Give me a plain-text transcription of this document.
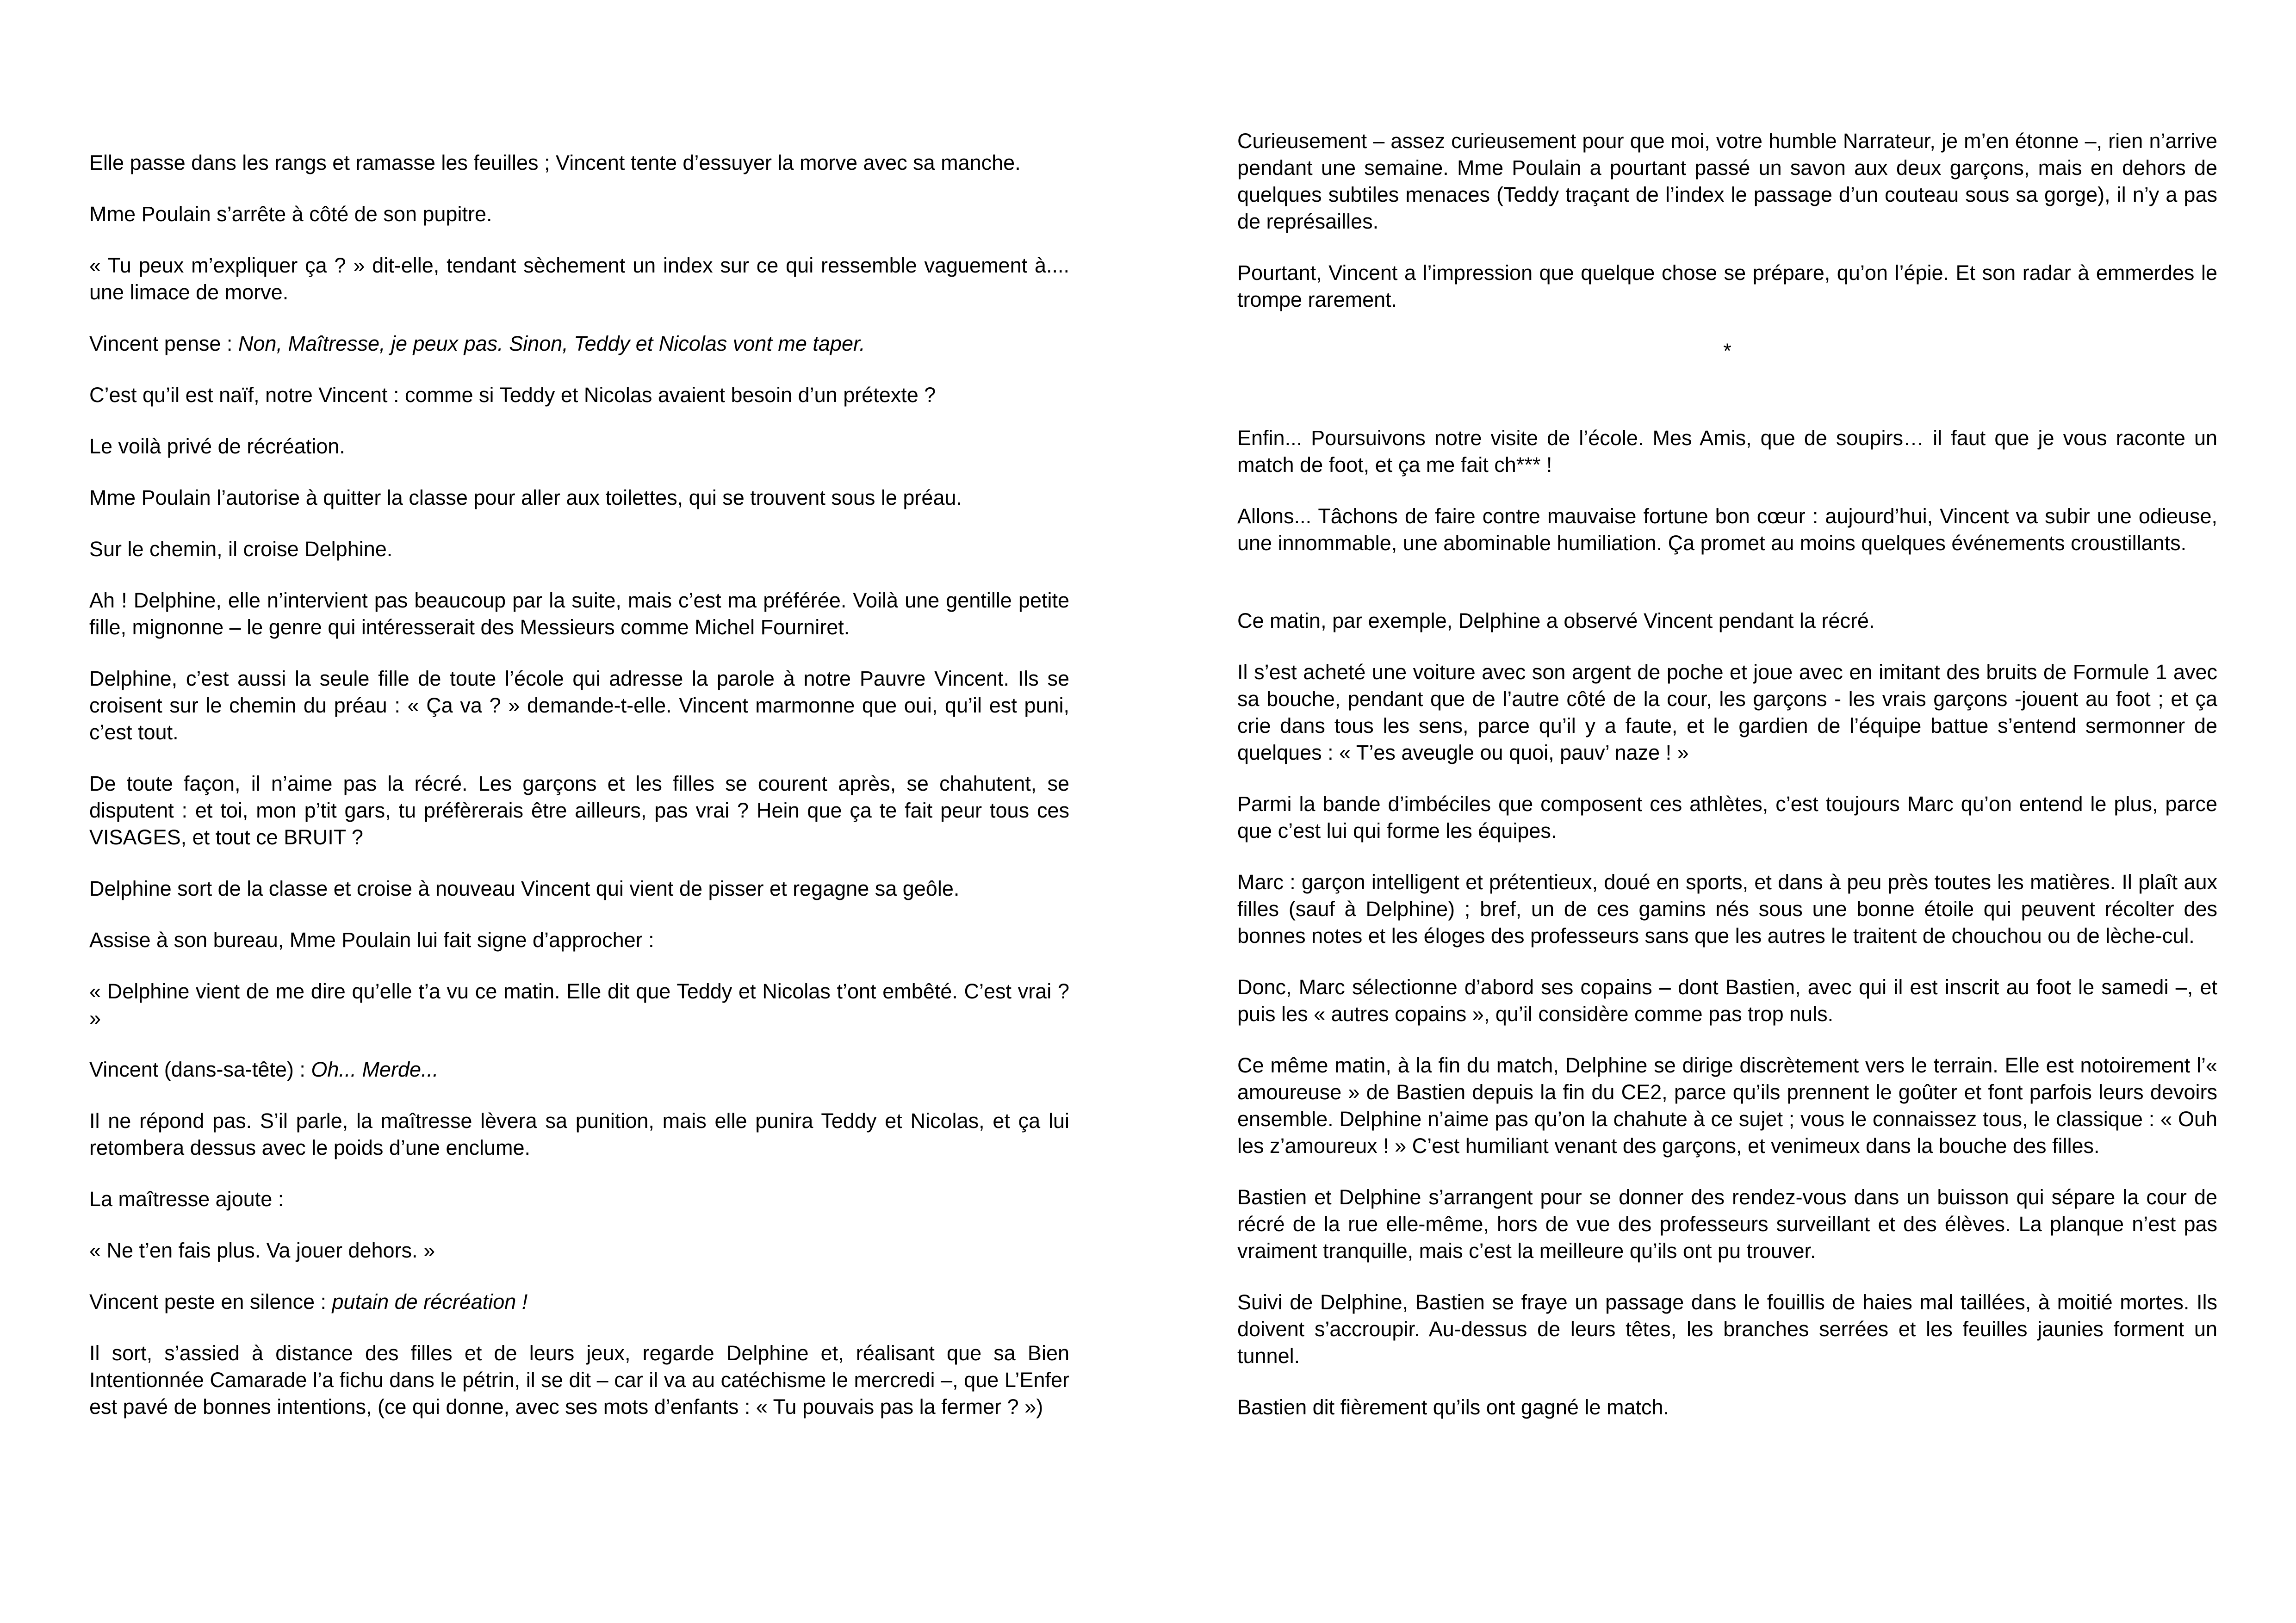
Elle passe dans les rangs et ramasse les feuilles ; Vincent tente d’essuyer la morve avec sa manche.

Mme Poulain s’arrête à côté de son pupitre.

« Tu peux m’expliquer ça ? » dit-elle, tendant sèchement un index sur ce qui ressemble vaguement à.... une limace de morve.

Vincent pense : Non, Maîtresse, je peux pas. Sinon, Teddy et Nicolas vont me taper.

C’est qu’il est naïf, notre Vincent : comme si Teddy et Nicolas avaient besoin d’un prétexte ?

Le voilà privé de récréation.

Mme Poulain l’autorise à quitter la classe pour aller aux toilettes, qui se trouvent sous le préau.

Sur le chemin, il croise Delphine.

Ah ! Delphine, elle n’intervient pas beaucoup par la suite, mais c’est ma préférée. Voilà une gentille petite fille, mignonne – le genre qui intéresserait des Messieurs comme Michel Fourniret.

Delphine, c’est aussi la seule fille de toute l’école qui adresse la parole à notre Pauvre Vincent. Ils se croisent sur le chemin du préau : « Ça va ? » demande-t-elle. Vincent marmonne que oui, qu’il est puni, c’est tout.

De toute façon, il n’aime pas la récré. Les garçons et les filles se courent après, se chahutent, se disputent : et toi, mon p’tit gars, tu préfèrerais être ailleurs, pas vrai ? Hein que ça te fait peur tous ces VISAGES, et tout ce BRUIT ?

Delphine sort de la classe et croise à nouveau Vincent qui vient de pisser et regagne sa geôle.

Assise à son bureau, Mme Poulain lui fait signe d’approcher :

« Delphine vient de me dire qu’elle t’a vu ce matin. Elle dit que Teddy et Nicolas t’ont embêté. C’est vrai ? »

Vincent (dans-sa-tête) : Oh... Merde...

Il ne répond pas. S’il parle, la maîtresse lèvera sa punition, mais elle punira Teddy et Nicolas, et ça lui retombera dessus avec le poids d’une enclume.

La maîtresse ajoute :

« Ne t’en fais plus. Va jouer dehors. »

Vincent peste en silence : putain de récréation !

Il sort, s’assied à distance des filles et de leurs jeux, regarde Delphine et, réalisant que sa Bien Intentionnée Camarade l’a fichu dans le pétrin, il se dit – car il va au catéchisme le mercredi –, que L’Enfer est pavé de bonnes intentions, (ce qui donne, avec ses mots d’enfants : « Tu pouvais pas la fermer ? »)

Curieusement – assez curieusement pour que moi, votre humble Narrateur, je m’en étonne –, rien n’arrive pendant une semaine. Mme Poulain a pourtant passé un savon aux deux garçons, mais en dehors de quelques subtiles menaces (Teddy traçant de l’index le passage d’un couteau sous sa gorge), il n’y a pas de représailles.

Pourtant, Vincent a l’impression que quelque chose se prépare, qu’on l’épie. Et son radar à emmerdes le trompe rarement.

*

Enfin... Poursuivons notre visite de l’école. Mes Amis, que de soupirs… il faut que je vous raconte un match de foot, et ça me fait ch*** !

Allons... Tâchons de faire contre mauvaise fortune bon cœur : aujourd’hui, Vincent va subir une odieuse, une innommable, une abominable humiliation. Ça promet au moins quelques événements croustillants.

Ce matin, par exemple, Delphine a observé Vincent pendant la récré.

Il s’est acheté une voiture avec son argent de poche et joue avec en imitant des bruits de Formule 1 avec sa bouche, pendant que de l’autre côté de la cour, les garçons - les vrais garçons -jouent au foot ; et ça crie dans tous les sens, parce qu’il y a faute, et le gardien de l’équipe battue s’entend sermonner de quelques : « T’es aveugle ou quoi, pauv’ naze ! »

Parmi la bande d’imbéciles que composent ces athlètes, c’est toujours Marc qu’on entend le plus, parce que c’est lui qui forme les équipes.

Marc : garçon intelligent et prétentieux, doué en sports, et dans à peu près toutes les matières. Il plaît aux filles (sauf à Delphine) ; bref, un de ces gamins nés sous une bonne étoile qui peuvent récolter des bonnes notes et les éloges des professeurs sans que les autres le traitent de chouchou ou de lèche-cul.

Donc, Marc sélectionne d’abord ses copains – dont Bastien, avec qui il est inscrit au foot le samedi –, et puis les « autres copains », qu’il considère comme pas trop nuls.

Ce même matin, à la fin du match, Delphine se dirige discrètement vers le terrain. Elle est notoirement l’« amoureuse » de Bastien depuis la fin du CE2, parce qu’ils prennent le goûter et font parfois leurs devoirs ensemble. Delphine n’aime pas qu’on la chahute à ce sujet ; vous le connaissez tous, le classique : « Ouh les z’amoureux ! » C’est humiliant venant des garçons, et venimeux dans la bouche des filles.

Bastien et Delphine s’arrangent pour se donner des rendez-vous dans un buisson qui sépare la cour de récré de la rue elle-même, hors de vue des professeurs surveillant et des élèves. La planque n’est pas vraiment tranquille, mais c’est la meilleure qu’ils ont pu trouver.

Suivi de Delphine, Bastien se fraye un passage dans le fouillis de haies mal taillées, à moitié mortes. Ils doivent s’accroupir. Au-dessus de leurs têtes, les branches serrées et les feuilles jaunies forment un tunnel.

Bastien dit fièrement qu’ils ont gagné le match.
